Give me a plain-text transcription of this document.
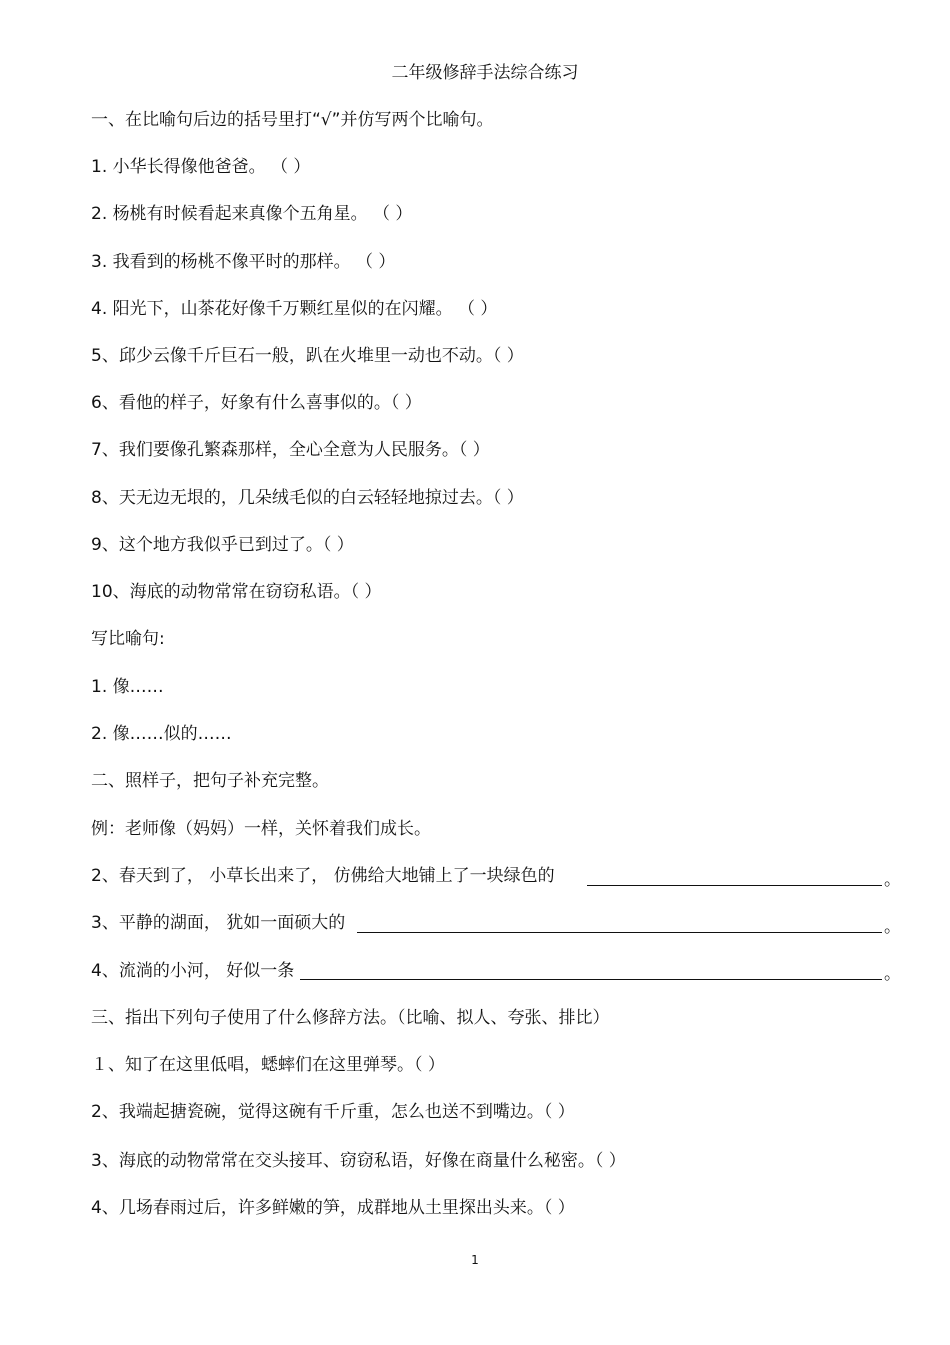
二年级修辞手法综合练习
一、在比喻句后边的括号里打“√”并仿写两个比喻句。
1. 小华长得像他爸爸。 （ ）
2. 杨桃有时候看起来真像个五角星。 （ ）
3. 我看到的杨桃不像平时的那样。 （ ）
4. 阳光下，山茶花好像千万颗红星似的在闪耀。 （ ）
5、邱少云像千斤巨石一般，趴在火堆里一动也不动。（ ）
6、看他的样子，好象有什么喜事似的。（ ）
7、我们要像孔繁森那样，全心全意为人民服务。（ ）
8、天无边无垠的，几朵绒毛似的白云轻轻地掠过去。（ ）
9、这个地方我似乎已到过了。（ ）
10、海底的动物常常在窃窃私语。（ ）
写比喻句:
1. 像……
2. 像……似的……
二、照样子，把句子补充完整。
例：老师像（妈妈）一样，关怀着我们成长。
2、春天到了， 小草长出来了， 仿佛给大地铺上了一块绿色的	。
3、平静的湖面， 犹如一面硕大的	。
4、流淌的小河， 好似一条	。
三、指出下列句子使用了什么修辞方法。（比喻、拟人、夸张、排比）
１、知了在这里低唱，蟋蟀们在这里弹琴。（ ）
2、我端起搪瓷碗，觉得这碗有千斤重，怎么也送不到嘴边。（ ）
3、海底的动物常常在交头接耳、窃窃私语，好像在商量什么秘密。（ ）
4、几场春雨过后，许多鲜嫩的笋，成群地从土里探出头来。（ ）
1
